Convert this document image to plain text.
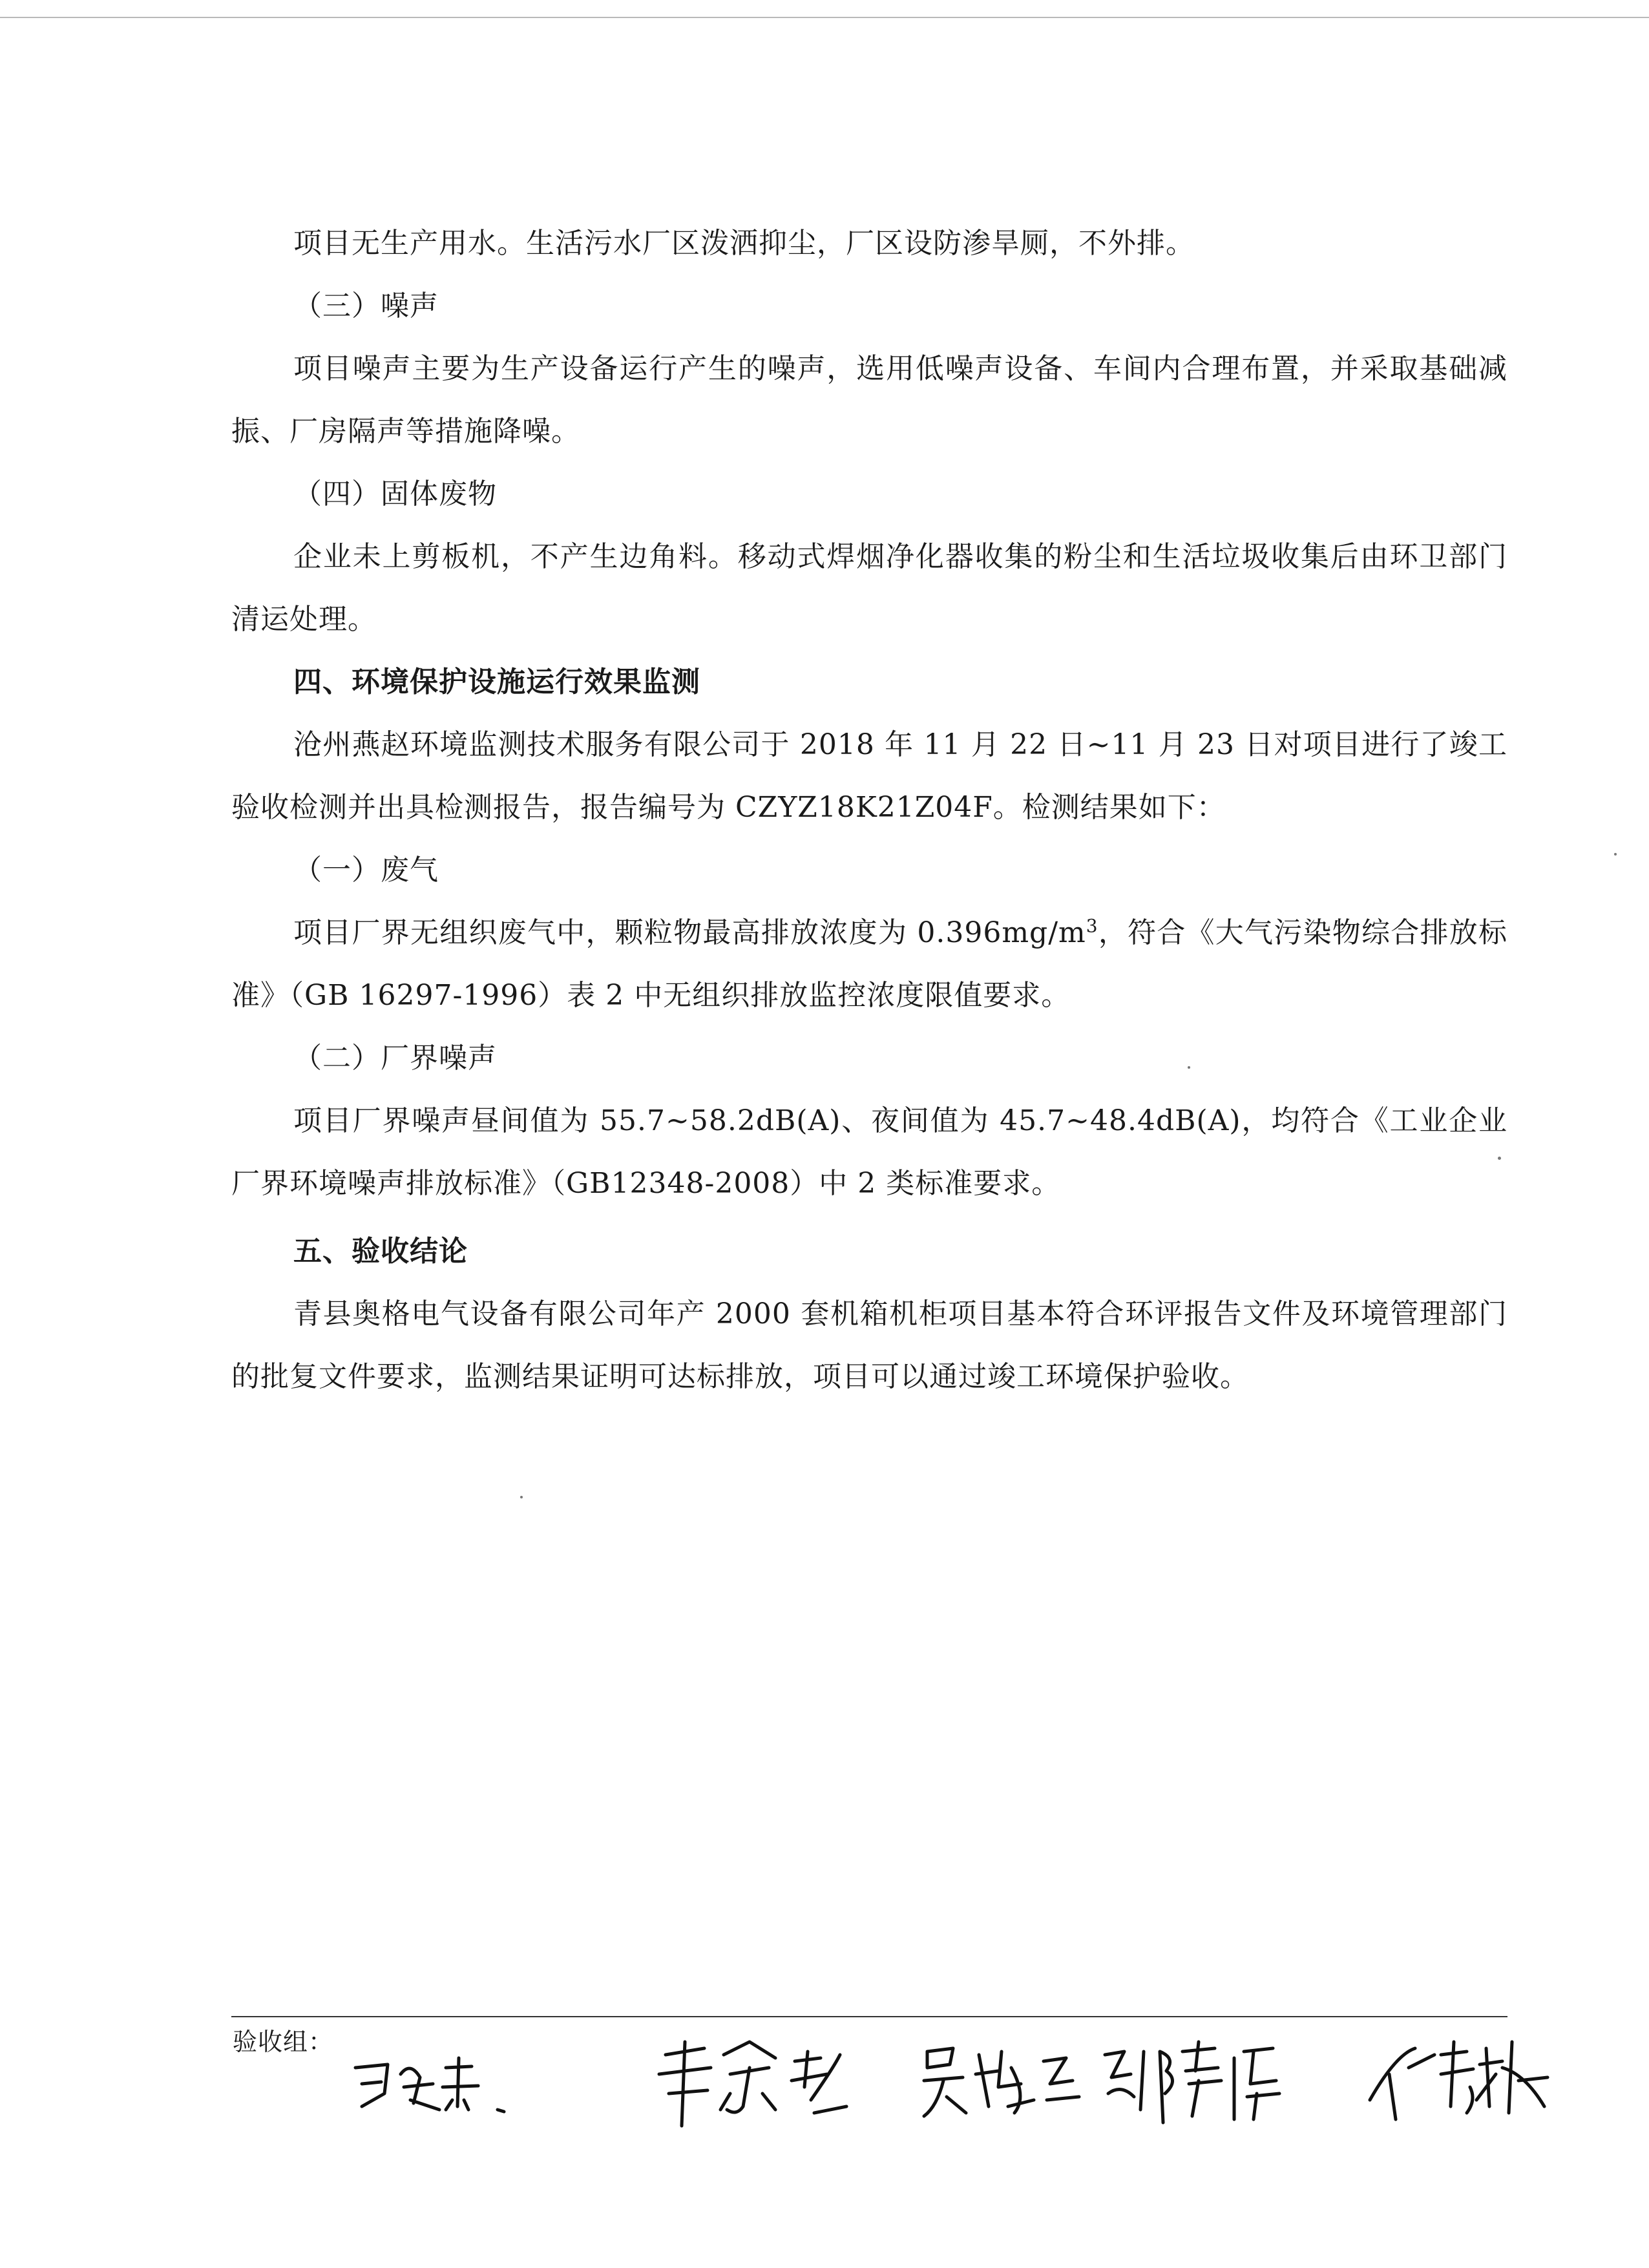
项目无生产用水。生活污水厂区泼洒抑尘，厂区设防渗旱厕，不外排。

（三）噪声

项目噪声主要为生产设备运行产生的噪声，选用低噪声设备、车间内合理布置，并采取基础减振、厂房隔声等措施降噪。

（四）固体废物

企业未上剪板机，不产生边角料。移动式焊烟净化器收集的粉尘和生活垃圾收集后由环卫部门清运处理。

四、环境保护设施运行效果监测

沧州燕赵环境监测技术服务有限公司于 2018 年 11 月 22 日~11 月 23 日对项目进行了竣工验收检测并出具检测报告，报告编号为 CZYZ18K21Z04F。检测结果如下：

（一）废气

项目厂界无组织废气中，颗粒物最高排放浓度为 $0.396mg/m^3$，符合《大气污染物综合排放标准》（GB 16297-1996）表 2 中无组织排放监控浓度限值要求。

（二）厂界噪声

项目厂界噪声昼间值为 55.7~58.2dB(A)、夜间值为 45.7~48.4dB(A)，均符合《工业企业厂界环境噪声排放标准》（GB12348-2008）中 2 类标准要求。

五、验收结论

青县奥格电气设备有限公司年产 2000 套机箱机柜项目基本符合环评报告文件及环境管理部门的批复文件要求，监测结果证明可达标排放，项目可以通过竣工环境保护验收。

验收组：
